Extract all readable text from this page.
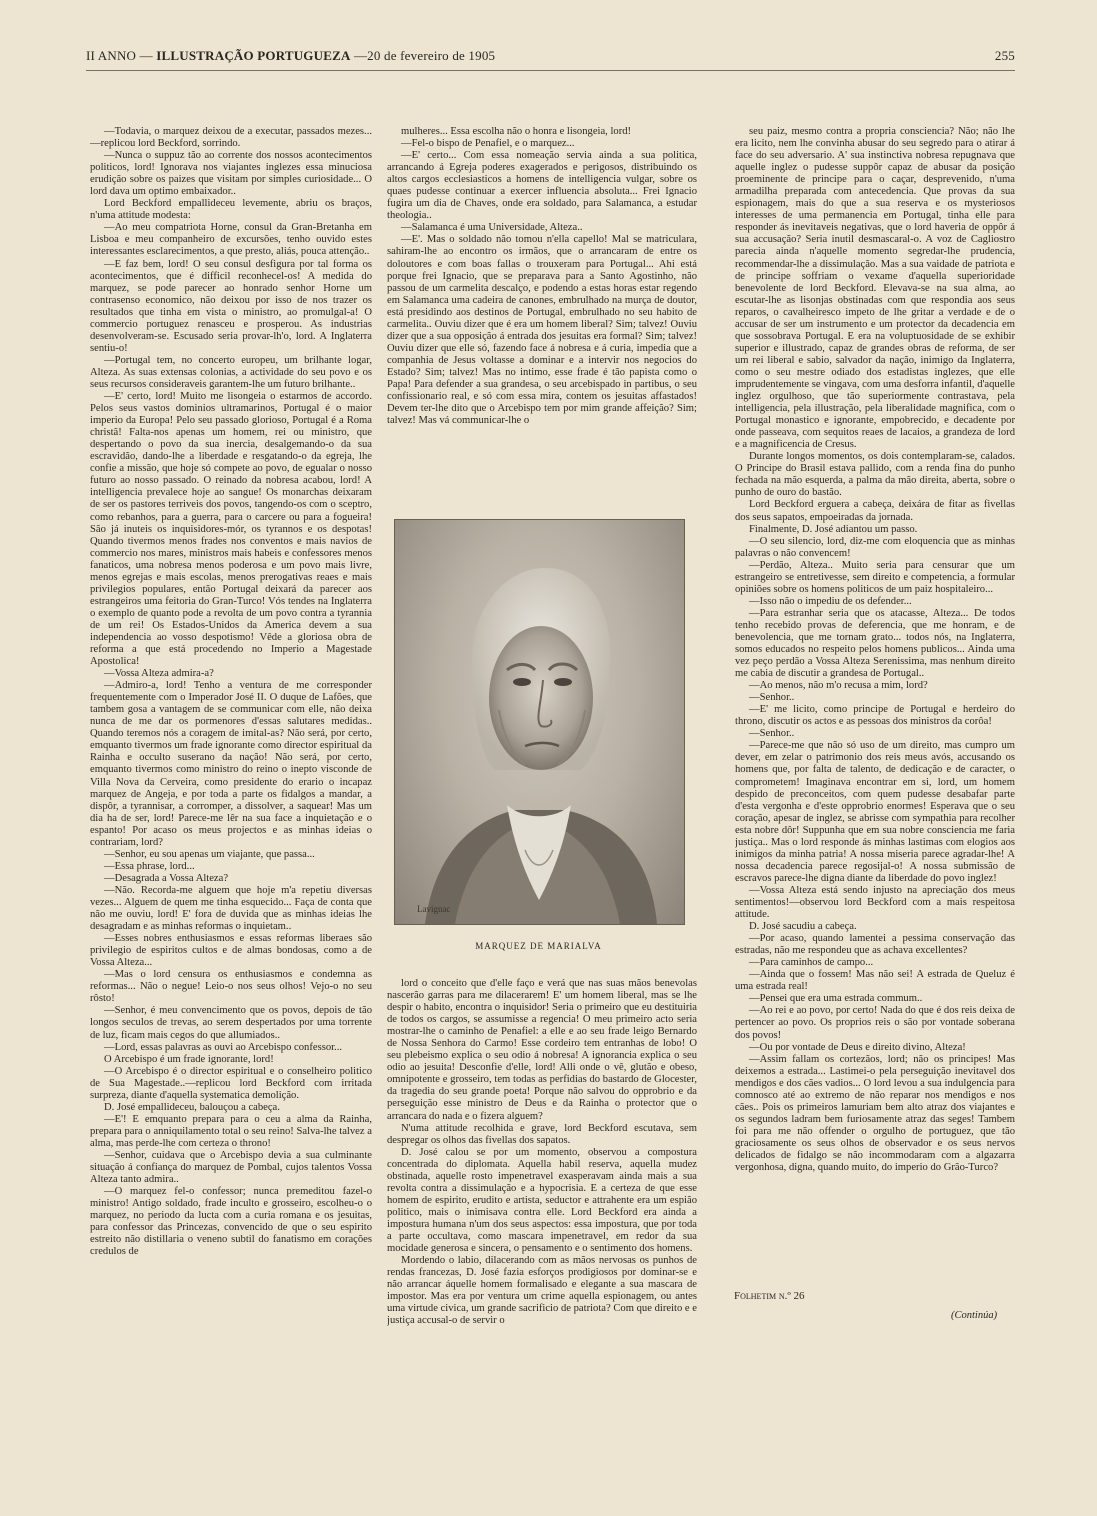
II ANNO — ILLUSTRAÇÃO PORTUGUEZA —20 de fevereiro de 1905	255

—Todavia, o marquez deixou de a executar, passados mezes...—replicou lord Beckford, sorrindo.

—Nunca o suppuz tão ao corrente dos nossos acontecimentos politicos, lord! Ignorava nos viajantes inglezes essa minuciosa erudição sobre os paizes que visitam por simples curiosidade... O lord dava um optimo embaixador..

Lord Beckford empallideceu levemente, abriu os braços, n'uma attitude modesta:

—Ao meu compatriota Horne, consul da Gran-Bretanha em Lisboa e meu companheiro de excursões, tenho ouvido estes interessantes esclarecimentos, a que presto, aliás, pouca attenção..

—E faz bem, lord! O seu consul desfigura por tal forma os acontecimentos, que é difficil reconhecel-os! A medida do marquez, se pode parecer ao honrado senhor Horne um contrasenso economico, não deixou por isso de nos trazer os resultados que tinha em vista o ministro, ao promulgal-a! O commercio portuguez renasceu e prosperou. As industrias desenvolveram-se. Escusado seria provar-lh'o, lord. A Inglaterra sentiu-o!

—Portugal tem, no concerto europeu, um brilhante logar, Alteza. As suas extensas colonias, a actividade do seu povo e os seus recursos consideraveis garantem-lhe um futuro brilhante..

—E' certo, lord! Muito me lisongeia o estarmos de accordo. Pelos seus vastos dominios ultramarinos, Portugal é o maior imperio da Europa! Pelo seu passado glorioso, Portugal é a Roma christã! Falta-nos apenas um homem, rei ou ministro, que despertando o povo da sua inercia, desalgemando-o da sua escravidão, dando-lhe a liberdade e resgatando-o da egreja, lhe confie a missão, que hoje só compete ao povo, de egualar o nosso futuro ao nosso passado. O reinado da nobresa acabou, lord! A intelligencia prevalece hoje ao sangue! Os monarchas deixaram de ser os pastores terriveis dos povos, tangendo-os com o sceptro, como rebanhos, para a guerra, para o carcere ou para a fogueira! São já inuteis os inquisidores-mór, os tyrannos e os despotas! Quando tivermos menos frades nos conventos e mais navios de commercio nos mares, ministros mais habeis e confessores menos fanaticos, uma nobresa menos poderosa e um povo mais livre, menos egrejas e mais escolas, menos prerogativas reaes e mais privilegios populares, então Portugal deixará da parecer aos estrangeiros uma feitoria do Gran-Turco! Vós tendes na Inglaterra o exemplo de quanto pode a revolta de um povo contra a tyrannia de um rei! Os Estados-Unidos da America devem a sua independencia ao vosso despotismo! Vêde a gloriosa obra de reforma a que está procedendo no Imperio a Magestade Apostolica!

—Vossa Alteza admira-a?

—Admiro-a, lord! Tenho a ventura de me corresponder frequentemente com o Imperador José II. O duque de Lafões, que tambem gosa a vantagem de se communicar com elle, não deixa nunca de me dar os pormenores d'essas salutares medidas.. Quando teremos nós a coragem de imital-as? Não será, por certo, emquanto tivermos um frade ignorante como director espiritual da Rainha e occulto suserano da nação! Não será, por certo, emquanto tivermos como ministro do reino o inepto visconde de Villa Nova da Cerveira, como presidente do erario o incapaz marquez de Angeja, e por toda a parte os fidalgos a mandar, a dispôr, a tyrannisar, a corromper, a dissolver, a saquear! Mas um dia ha de ser, lord! Parece-me lêr na sua face a inquietação e o espanto! Por acaso os meus projectos e as minhas ideias o contrariam, lord?

—Senhor, eu sou apenas um viajante, que passa...

—Essa phrase, lord...

—Desagrada a Vossa Alteza?

—Não. Recorda-me alguem que hoje m'a repetiu diversas vezes... Alguem de quem me tinha esquecido... Faça de conta que não me ouviu, lord! E' fora de duvida que as minhas ideias lhe desagradam e as minhas reformas o inquietam..

—Esses nobres enthusiasmos e essas reformas liberaes são privilegio de espiritos cultos e de almas bondosas, como a de Vossa Alteza...

—Mas o lord censura os enthusiasmos e condemna as reformas... Não o negue! Leio-o nos seus olhos! Vejo-o no seu rôsto!

—Senhor, é meu convencimento que os povos, depois de tão longos seculos de trevas, ao serem despertados por uma torrente de luz, ficam mais cegos do que allumiados..

—Lord, essas palavras as ouvi ao Arcebispo confessor...

O Arcebispo é um frade ignorante, lord!

—O Arcebispo é o director espiritual e o conselheiro politico de Sua Magestade..—replicou lord Beckford com irritada surpreza, diante d'aquella systematica demolição.

D. José empallideceu, balouçou a cabeça.

—E'! E emquanto prepara para o ceu a alma da Rainha, prepara para o anniquilamento total o seu reino! Salva-lhe talvez a alma, mas perde-lhe com certeza o throno!

—Senhor, cuidava que o Arcebispo devia a sua culminante situação á confiança do marquez de Pombal, cujos talentos Vossa Alteza tanto admira..

—O marquez fel-o confessor; nunca premeditou fazel-o ministro! Antigo soldado, frade inculto e grosseiro, escolheu-o o marquez, no periodo da lucta com a curia romana e os jesuitas, para confessor das Princezas, convencido de que o seu espirito estreito não distillaria o veneno subtil do fanatismo em corações credulos de

mulheres... Essa escolha não o honra e lisongeia, lord!

—Fel-o bispo de Penafiel, e o marquez...

—E' certo... Com essa nomeação servia ainda a sua politica, arrancando á Egreja poderes exagerados e perigosos, distribuindo os altos cargos ecclesiasticos a homens de intelligencia vulgar, sobre os quaes pudesse continuar a exercer influencia absoluta... Frei Ignacio fugira um dia de Chaves, onde era soldado, para Salamanca, a estudar theologia..

—Salamanca é uma Universidade, Alteza..

—E'. Mas o soldado não tomou n'ella capello! Mal se matriculara, sahiram-lhe ao encontro os irmãos, que o arrancaram de entre os doloutores e com boas fallas o trouxeram para Portugal... Ahi está porque frei Ignacio, que se preparava para a Santo Agostinho, não passou de um carmelita descalço, e podendo a estas horas estar regendo em Salamanca uma cadeira de canones, embrulhado na murça de doutor, está presidindo aos destinos de Portugal, embrulhado no seu habito de carmelita.. Ouviu dizer que é era um homem liberal? Sim; talvez! Ouviu dizer que a sua opposição á entrada dos jesuitas era formal? Sim; talvez! Ouviu dizer que elle só, fazendo face á nobresa e á curia, impedia que a companhia de Jesus voltasse a dominar e a intervir nos negocios do Estado? Sim; talvez! Mas no intimo, esse frade é tão papista como o Papa! Para defender a sua grandesa, o seu arcebispado in partibus, o seu confissionario real, e só com essa mira, contem os jesuitas affastados! Devem ter-lhe dito que o Arcebispo tem por mim grande affeição? Sim; talvez! Mas vá communicar-lhe o

Lavignac
MARQUEZ DE MARIALVA

lord o conceito que d'elle faço e verá que nas suas mãos benevolas nascerão garras para me dilacerarem! E' um homem liberal, mas se lhe despir o habito, encontra o inquisidor! Seria o primeiro que eu destituiria de todos os cargos, se assumisse a regencia! O meu primeiro acto seria mostrar-lhe o caminho de Penafiel: a elle e ao seu frade leigo Bernardo de Nossa Senhora do Carmo! Esse cordeiro tem entranhas de lobo! O seu plebeismo explica o seu odio á nobresa! A ignorancia explica o seu odio ao jesuita! Desconfie d'elle, lord! Alli onde o vê, glutão e obeso, omnipotente e grosseiro, tem todas as perfidias do bastardo de Glocester, da tragedia do seu grande poeta! Porque não salvou do opprobrio e da perseguição esse ministro de Deus e da Rainha o protector que o arrancara do nada e o fizera alguem?

N'uma attitude recolhida e grave, lord Beckford escutava, sem despregar os olhos das fivellas dos sapatos.

D. José calou se por um momento, observou a compostura concentrada do diplomata. Aquella habil reserva, aquella mudez obstinada, aquelle rosto impenetravel exasperavam ainda mais a sua revolta contra a dissimulação e a hypocrisia. E a certeza de que esse homem de espirito, erudito e artista, seductor e attrahente era um espião politico, mais o inimisava contra elle. Lord Beckford era ainda a impostura humana n'um dos seus aspectos: essa impostura, que por toda a parte occultava, como mascara impenetravel, em redor da sua mocidade generosa e sincera, o pensamento e o sentimento dos homens.

Mordendo o labio, dilacerando com as mãos nervosas os punhos de rendas francezas, D. José fazia esforços prodigiosos por dominar-se e não arrancar áquelle homem formalisado e elegante a sua mascara de impostor. Mas era por ventura um crime aquella espionagem, ou antes uma virtude civica, um grande sacrificio de patriota? Com que direito e e justiça accusal-o de servir o

seu paiz, mesmo contra a propria consciencia? Não; não lhe era licito, nem lhe convinha abusar do seu segredo para o atirar á face do seu adversario. A' sua instinctiva nobresa repugnava que aquelle inglez o pudesse suppôr capaz de abusar da posição proeminente de principe para o caçar, desprevenido, n'uma armadilha preparada com antecedencia. Que provas da sua espionagem, mais do que a sua reserva e os mysteriosos interesses de uma permanencia em Portugal, tinha elle para responder ás inevitaveis negativas, que o lord haveria de oppôr á sua accusação? Seria inutil desmascaral-o. A voz de Cagliostro parecia ainda n'aquelle momento segredar-lhe prudencia, recommendar-lhe a dissimulação. Mas a sua vaidade de patriota e de principe soffriam o vexame d'aquella superioridade benevolente de lord Beckford. Elevava-se na sua alma, ao escutar-lhe as lisonjas obstinadas com que respondia aos seus reparos, o cavalheiresco impeto de lhe gritar a verdade e de o accusar de ser um instrumento e um protector da decadencia em que sossobrava Portugal. E era na voluptuosidade de se exhibir superior e illustrado, capaz de grandes obras de reforma, de ser um rei liberal e sabio, salvador da nação, inimigo da Inglaterra, como o seu mestre odiado dos estadistas inglezes, que elle imprudentemente se vingava, com uma desforra infantil, d'aquelle inglez orgulhoso, que tão superiormente contrastava, pela intelligencia, pela illustração, pela liberalidade magnifica, com o Portugal monastico e ignorante, empobrecido, e decadente por onde passeava, com sequitos reaes de lacaios, a grandeza de lord e a magnificencia de Cresus.

Durante longos momentos, os dois contemplaram-se, calados. O Principe do Brasil estava pallido, com a renda fina do punho fechada na mão esquerda, a palma da mão direita, aberta, sobre o punho de ouro do bastão.

Lord Beckford erguera a cabeça, deixára de fitar as fivellas dos seus sapatos, empoeiradas da jornada.

Finalmente, D. José adiantou um passo.

—O seu silencio, lord, diz-me com eloquencia que as minhas palavras o não convencem!

—Perdão, Alteza.. Muito seria para censurar que um estrangeiro se entretivesse, sem direito e competencia, a formular opiniões sobre os homens politicos de um paiz hospitaleiro...

—Isso não o impediu de os defender...

—Para estranhar seria que os atacasse, Alteza... De todos tenho recebido provas de deferencia, que me honram, e de benevolencia, que me tornam grato... todos nós, na Inglaterra, somos educados no respeito pelos homens publicos... Ainda uma vez peço perdão a Vossa Alteza Serenissima, mas nenhum direito me cabia de discutir a grandesa de Portugal..

—Ao menos, não m'o recusa a mim, lord?

—Senhor..

—E' me licito, como principe de Portugal e herdeiro do throno, discutir os actos e as pessoas dos ministros da corôa!

—Senhor..

—Parece-me que não só uso de um direito, mas cumpro um dever, em zelar o patrimonio dos reis meus avós, accusando os homens que, por falta de talento, de dedicação e de caracter, o comprometem! Imaginava encontrar em si, lord, um homem despido de preconceitos, com quem pudesse desabafar parte d'esta vergonha e d'este opprobrio enormes! Esperava que o seu coração, apesar de inglez, se abrisse com sympathia para recolher esta nobre dôr! Suppunha que em sua nobre consciencia me faria justiça.. Mas o lord responde ás minhas lastimas com elogios aos inimigos da minha patria! A nossa miseria parece agradar-lhe! A nossa decadencia parece regosijal-o! A nossa submissão de escravos parece-lhe digna diante da liberdade do povo inglez!

—Vossa Alteza está sendo injusto na apreciação dos meus sentimentos!—observou lord Beckford com a mais respeitosa attitude.

D. José sacudiu a cabeça.

—Por acaso, quando lamentei a pessima conservação das estradas, não me respondeu que as achava excellentes?

—Para caminhos de campo...

—Ainda que o fossem! Mas não sei! A estrada de Queluz é uma estrada real!

—Pensei que era uma estrada commum..

—Ao rei e ao povo, por certo! Nada do que é dos reis deixa de pertencer ao povo. Os proprios reis o são por vontade soberana dos povos!

—Ou por vontade de Deus e direito divino, Alteza!

—Assim fallam os cortezãos, lord; não os principes! Mas deixemos a estrada... Lastimei-o pela perseguição inevitavel dos mendigos e dos cães vadios... O lord levou a sua indulgencia para comnosco até ao extremo de não reparar nos mendigos e nos cães.. Pois os primeiros lamuriam bem alto atraz dos viajantes e os segundos ladram bem furiosamente atraz das seges! Tambem foi para me não offender o orgulho de portuguez, que tão graciosamente os seus olhos de observador e os seus nervos delicados de fidalgo se não incommodaram com a algazarra vergonhosa, digna, quando muito, do imperio do Grão-Turco?

Folhetim n.º 26
(Continúa)
